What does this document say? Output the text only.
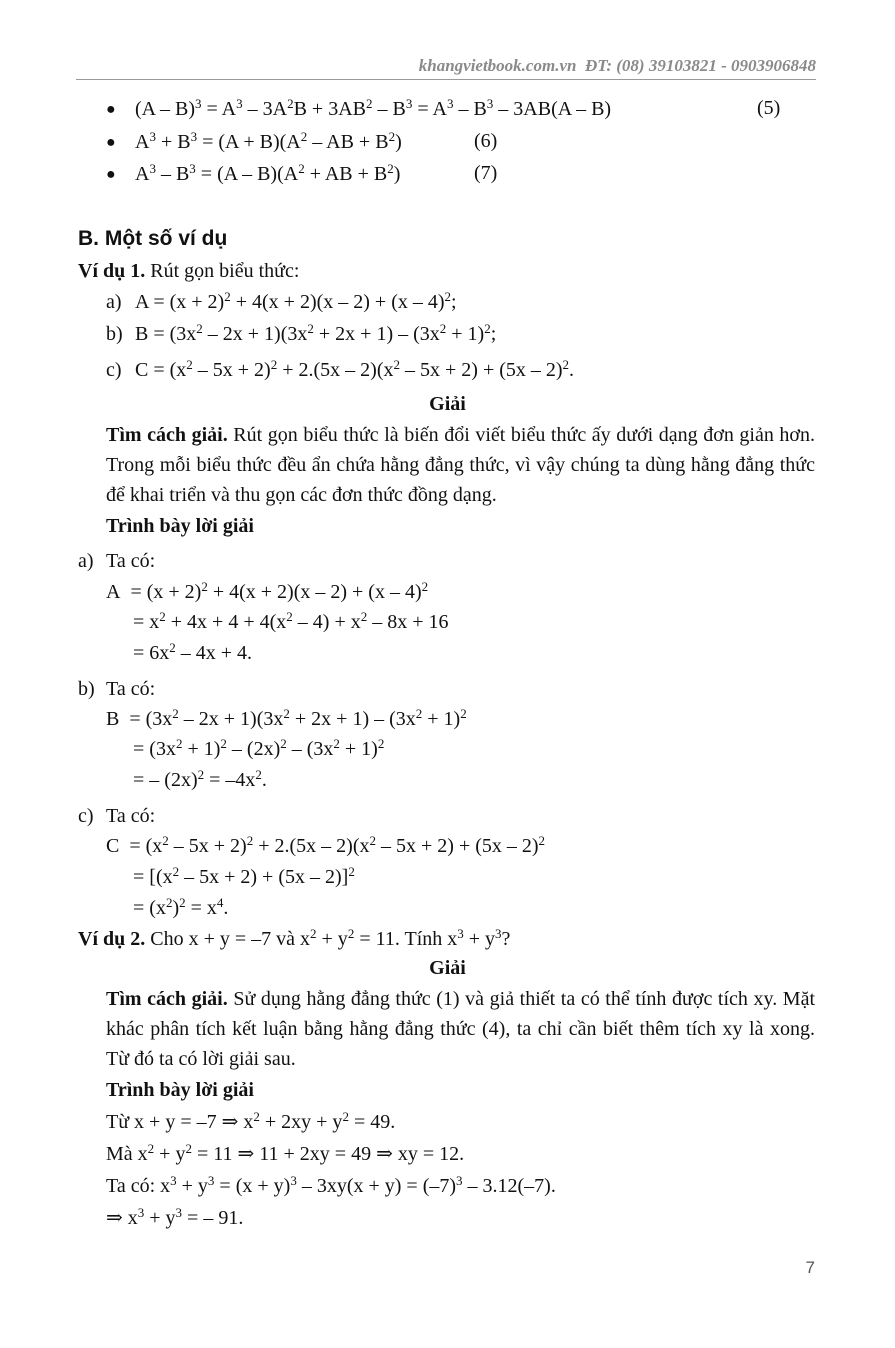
khangvietbook.com.vn ĐT: (08) 39103821 - 0903906848
● $(A - B)^3 = A^3 - 3A^2B + 3AB^2 - B^3 = A^3 - B^3 - 3AB(A - B)$	(5)
● $A^3 + B^3 = (A + B)(A^2$ – AB + $B^2$)	(6)
● $A^3 - B^3 = (A - B)(A^2$ + AB + $B^2$)	(7)
B. Một số ví dụ
Ví dụ 1. Rút gọn biểu thức:
a) $A = (x + 2)^2 + 4(x + 2)(x - 2) + (x - 4)^2$;
b) $B = (3x^2 - 2x + 1)(3x^2 + 2x + 1) - (3x^2 + 1)^2$;
c) $C = (x^2 - 5x + 2)^2 + 2.(5x - 2)(x^2 - 5x + 2) + (5x - 2)^2$.
Giải
Tìm cách giải. Rút gọn biểu thức là biến đổi viết biểu thức ấy dưới dạng đơn giản hơn. Trong mỗi biểu thức đều ẩn chứa hằng đẳng thức, vì vậy chúng ta dùng hằng đẳng thức để khai triển và thu gọn các đơn thức đồng dạng.
Trình bày lời giải
a) Ta có:
$A = (x + 2)^2 + 4(x + 2)(x - 2) + (x - 4)^2$
= $x^2 + 4x + 4 + 4(x^2 - 4) + x^2 - 8x + 16$
= $6x^2 - 4x + 4$.
b) Ta có:
$B = (3x^2 - 2x + 1)(3x^2 + 2x + 1) - (3x^2 + 1)^2$
= $(3x^2 + 1)^2 - (2x)^2 - (3x^2 + 1)^2$
= – $(2x)^2 = -4x^2$.
c) Ta có:
$C = (x^2 - 5x + 2)^2 + 2.(5x - 2)(x^2 - 5x + 2) + (5x - 2)^2$
= $[(x^2 - 5x + 2) + (5x - 2)]^2$
= $(x^2)^2 = x^4$.
Ví dụ 2. Cho x + y = –7 và $x^2 + y^2 = 11$. Tính $x^3 + y^3$?
Giải
Tìm cách giải. Sử dụng hằng đẳng thức (1) và giả thiết ta có thể tính được tích xy. Mặt khác phân tích kết luận bằng hằng đẳng thức (4), ta chỉ cần biết thêm tích xy là xong. Từ đó ta có lời giải sau.
Trình bày lời giải
Từ x + y = –7 ⇒ $x^2 + 2xy + y^2 = 49$.
Mà $x^2 + y^2 = 11$ ⇒ 11 + 2xy = 49 ⇒ xy = 12.
Ta có: $x^3 + y^3 = (x + y)^3 - 3xy(x + y) = (-7)^3 - 3.12(-7)$.
⇒ $x^3 + y^3$ = – 91.
7
